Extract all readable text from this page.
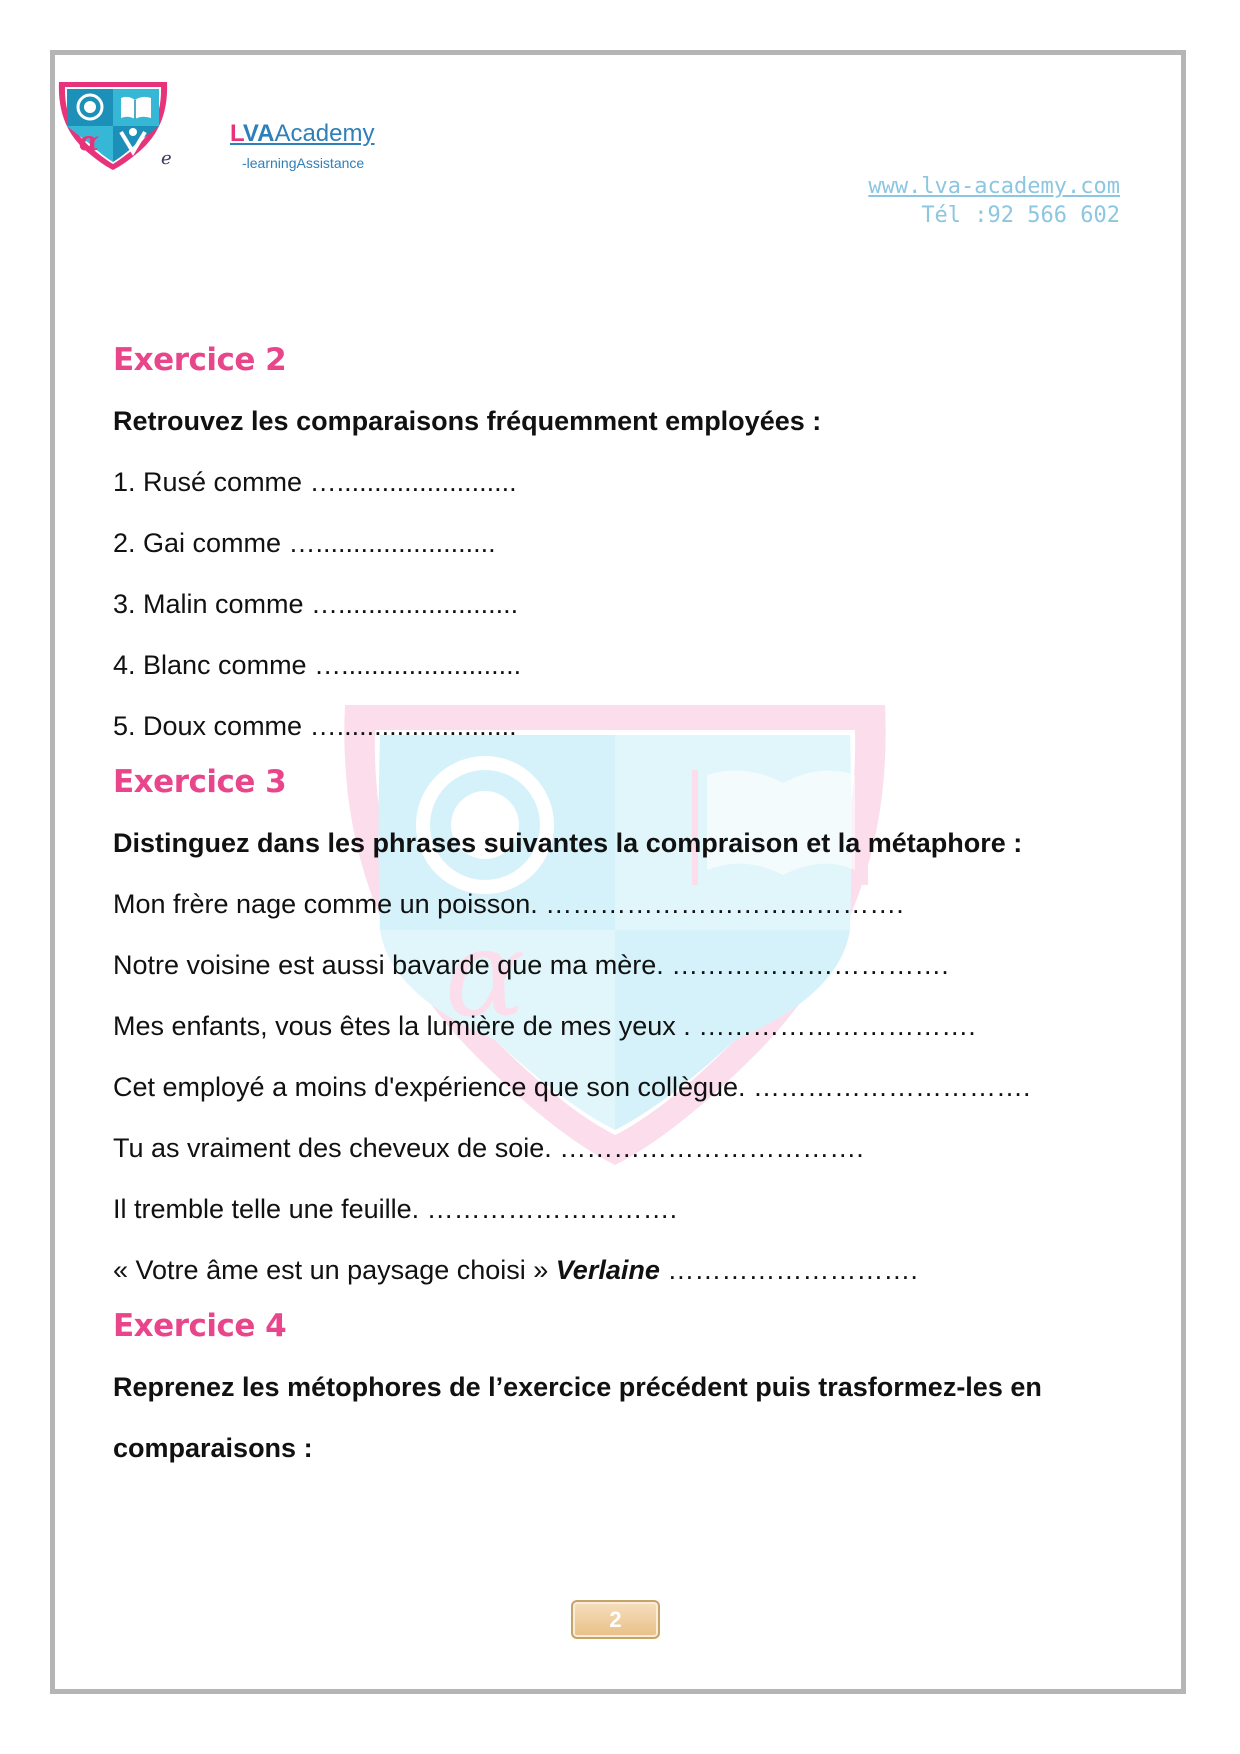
α
α
e
LVAAcademy
-learningAssistance
www.lva-academy.com
Tél :92 566 602
Exercice 2

Retrouvez les comparaisons fréquemment employées :

1. Rusé comme …........................

2. Gai comme …........................

3. Malin comme …........................

4. Blanc comme …........................

5. Doux comme …........................

Exercice 3

Distinguez dans les phrases suivantes la compraison et la métaphore :

Mon frère nage comme un poisson. ………………………………….

Notre voisine est aussi bavarde que ma mère. ………………………….

Mes enfants, vous êtes la lumière de mes yeux . ………………………….

Cet employé a moins d'expérience que son collègue. ………………………….

Tu as vraiment des cheveux de soie. …………………………….

Il tremble telle une feuille. ……………………….

« Votre âme est un paysage choisi » Verlaine ……………………….

Exercice 4

Reprenez les métophores de l’exercice précédent puis trasformez-les en

comparaisons :

2
